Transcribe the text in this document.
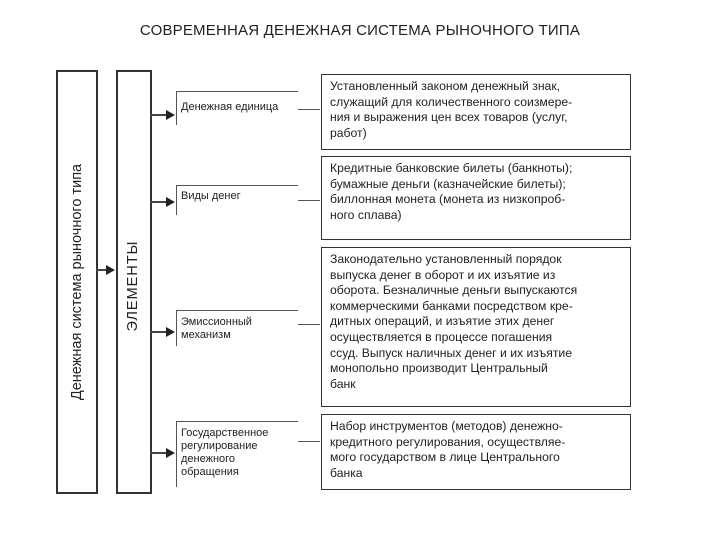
СОВРЕМЕННАЯ ДЕНЕЖНАЯ СИСТЕМА РЫНОЧНОГО ТИПА
Денежная система рыночного типа	ЭЛЕМЕНТЫ
Денежная единица
Установленный законом денежный знак,
служащий для количественного соизмере-
ния и выражения цен всех товаров (услуг,
работ)
Виды денег
Кредитные банковские билеты (банкноты);
бумажные деньги (казначейские билеты);
биллонная монета (монета из низкопроб-
ного сплава)
Эмиссионный
механизм
Законодательно установленный порядок
выпуска денег в оборот и их изъятие из
оборота. Безналичные деньги выпускаются
коммерческими банками посредством кре-
дитных операций, и изъятие этих денег
осуществляется в процессе погашения
ссуд. Выпуск наличных денег и их изъятие
монопольно производит Центральный
банк
Государственное
регулирование
денежного
обращения
Набор инструментов (методов) денежно-
кредитного регулирования, осуществляе-
мого государством в лице Центрального
банка
